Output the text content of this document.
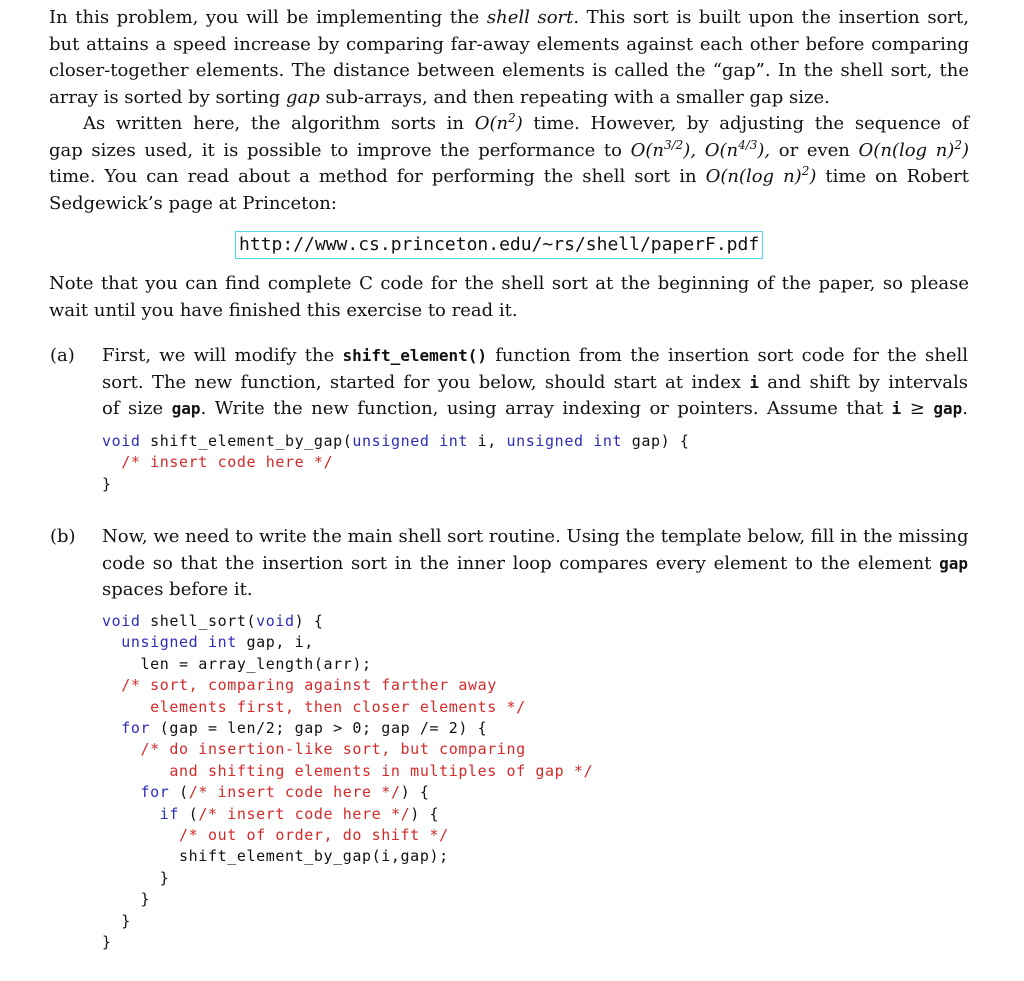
In this problem, you will be implementing the shell sort. This sort is built upon the insertion sort,
but attains a speed increase by comparing far-away elements against each other before comparing
closer-together elements. The distance between elements is called the “gap”. In the shell sort, the
array is sorted by sorting gap sub-arrays, and then repeating with a smaller gap size.
As written here, the algorithm sorts in $O(n^2)$ time. However, by adjusting the sequence of
gap sizes used, it is possible to improve the performance to $O(n^{3/2})$, $O(n^{4/3})$, or even O(n(log n)$^2$)
time. You can read about a method for performing the shell sort in O(n(log n)$^2$) time on Robert
Sedgewick’s page at Princeton:
http://www.cs.princeton.edu/~rs/shell/paperF.pdf
Note that you can find complete C code for the shell sort at the beginning of the paper, so please
wait until you have finished this exercise to read it.
(a) First, we will modify the shift_element() function from the insertion sort code for the shell
sort. The new function, started for you below, should start at index i and shift by intervals
of size gap. Write the new function, using array indexing or pointers. Assume that i ≥ gap.
void shift_element_by_gap(unsigned int i, unsigned int gap) {
/* insert code here */
}
(b) Now, we need to write the main shell sort routine. Using the template below, fill in the missing
code so that the insertion sort in the inner loop compares every element to the element gap
spaces before it.
void shell_sort(void) {
unsigned int gap, i,
len = array_length(arr);
/* sort, comparing against farther away
elements first, then closer elements */
for (gap = len/2; gap > 0; gap /= 2) {
/* do insertion-like sort, but comparing
and shifting elements in multiples of gap */
for (/* insert code here */) {
if (/* insert code here */) {
/* out of order, do shift */
shift_element_by_gap(i,gap);
}
}
}
}
